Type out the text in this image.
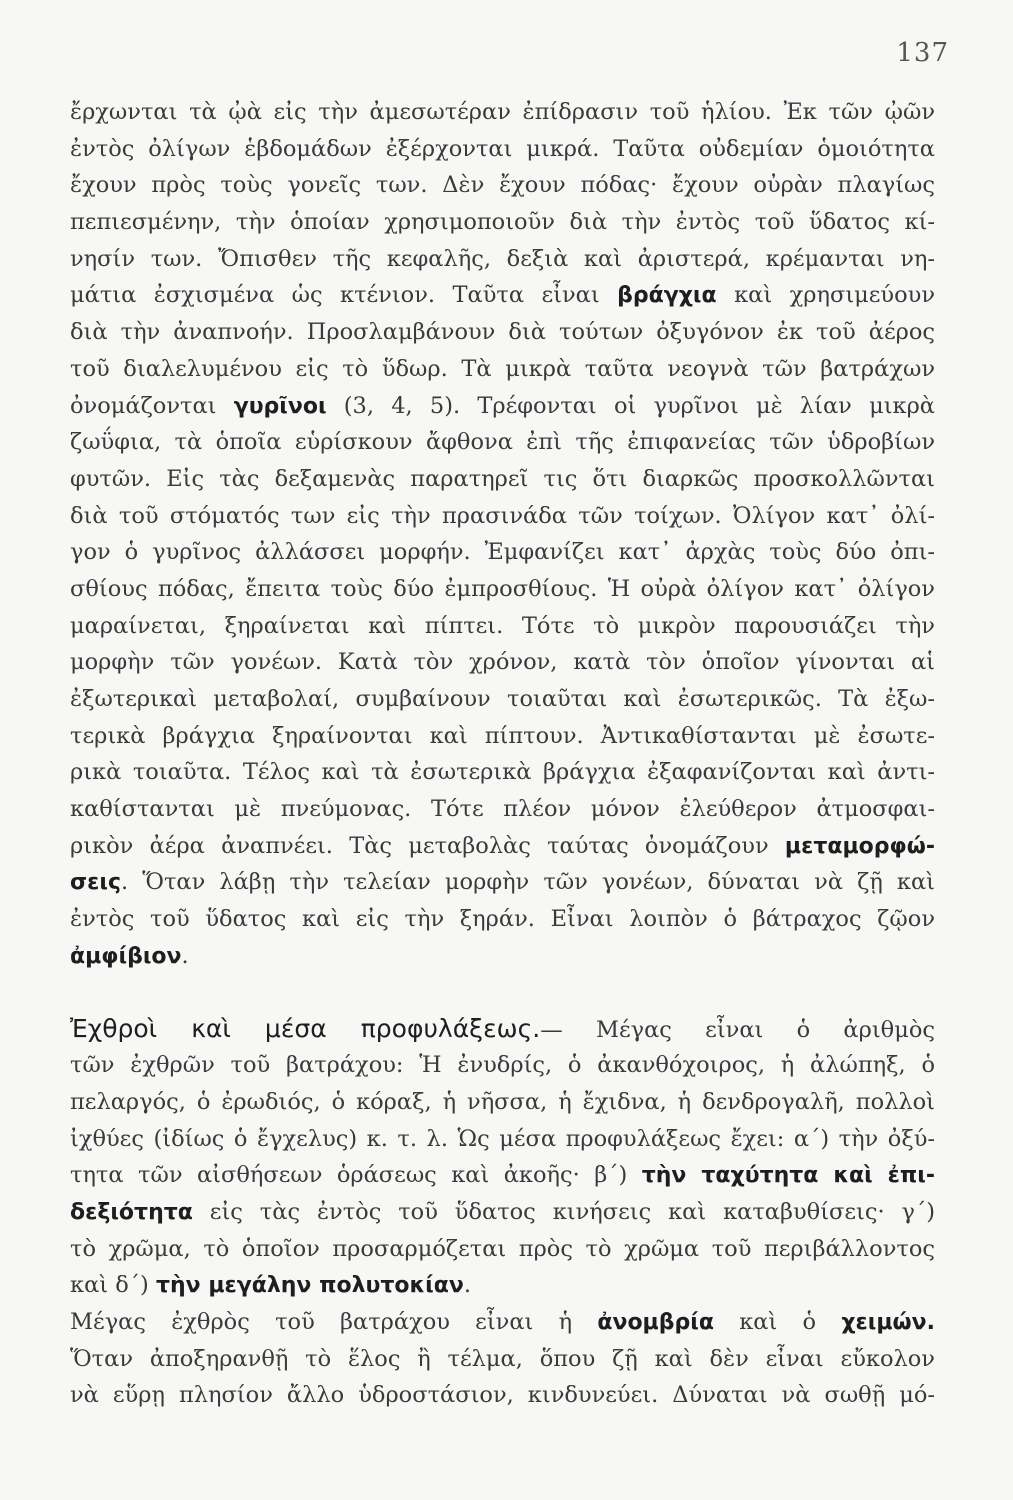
137
ἔρχωνται τὰ ᾠὰ εἰς τὴν ἀμεσωτέραν ἐπίδρασιν τοῦ ἡλίου. Ἐκ τῶν ᾠῶν
ἐντὸς ὀλίγων ἑβδομάδων ἐξέρχονται μικρά. Ταῦτα οὐδεμίαν ὁμοιότητα
ἔχουν πρὸς τοὺς γονεῖς των. Δὲν ἔχουν πόδας· ἔχουν οὐρὰν πλαγίως
πεπιεσμένην, τὴν ὁποίαν χρησιμοποιοῦν διὰ τὴν ἐντὸς τοῦ ὕδατος κί-
νησίν των. Ὄπισθεν τῆς κεφαλῆς, δεξιὰ καὶ ἀριστερά, κρέμανται νη-
μάτια ἐσχισμένα ὡς κτένιον. Ταῦτα εἶναι βράγχια καὶ χρησιμεύουν
διὰ τὴν ἀναπνοήν. Προσλαμβάνουν διὰ τούτων ὀξυγόνον ἐκ τοῦ ἀέρος
τοῦ διαλελυμένου εἰς τὸ ὕδωρ. Τὰ μικρὰ ταῦτα νεογνὰ τῶν βατράχων
ὀνομάζονται γυρῖνοι (3, 4, 5). Τρέφονται οἱ γυρῖνοι μὲ λίαν μικρὰ
ζωΰφια, τὰ ὁποῖα εὑρίσκουν ἄφθονα ἐπὶ τῆς ἐπιφανείας τῶν ὑδροβίων
φυτῶν. Εἰς τὰς δεξαμενὰς παρατηρεῖ τις ὅτι διαρκῶς προσκολλῶνται
διὰ τοῦ στόματός των εἰς τὴν πρασινάδα τῶν τοίχων. Ὀλίγον κατ᾿ ὀλί-
γον ὁ γυρῖνος ἀλλάσσει μορφήν. Ἐμφανίζει κατ᾿ ἀρχὰς τοὺς δύο ὀπι-
σθίους πόδας, ἔπειτα τοὺς δύο ἐμπροσθίους. Ἡ οὐρὰ ὀλίγον κατ᾿ ὀλίγον
μαραίνεται, ξηραίνεται καὶ πίπτει. Τότε τὸ μικρὸν παρουσιάζει τὴν
μορφὴν τῶν γονέων. Κατὰ τὸν χρόνον, κατὰ τὸν ὁποῖον γίνονται αἱ
ἐξωτερικαὶ μεταβολαί, συμβαίνουν τοιαῦται καὶ ἐσωτερικῶς. Τὰ ἐξω-
τερικὰ βράγχια ξηραίνονται καὶ πίπτουν. Ἀντικαθίστανται μὲ ἐσωτε-
ρικὰ τοιαῦτα. Τέλος καὶ τὰ ἐσωτερικὰ βράγχια ἐξαφανίζονται καὶ ἀντι-
καθίστανται μὲ πνεύμονας. Τότε πλέον μόνον ἐλεύθερον ἀτμοσφαι-
ρικὸν ἀέρα ἀναπνέει. Τὰς μεταβολὰς ταύτας ὀνομάζουν μεταμορφώ-
σεις. Ὅταν λάβῃ τὴν τελείαν μορφὴν τῶν γονέων, δύναται νὰ ζῇ καὶ
ἐντὸς τοῦ ὕδατος καὶ εἰς τὴν ξηράν. Εἶναι λοιπὸν ὁ βάτραχος ζῷον
ἀμφίβιον.
Ἐχθροὶ καὶ μέσα προφυλάξεως.— Μέγας εἶναι ὁ ἀριθμὸς
τῶν ἐχθρῶν τοῦ βατράχου: Ἡ ἐνυδρίς, ὁ ἀκανθόχοιρος, ἡ ἀλώπηξ, ὁ
πελαργός, ὁ ἐρωδιός, ὁ κόραξ, ἡ νῆσσα, ἡ ἔχιδνα, ἡ δενδρογαλῆ, πολλοὶ
ἰχθύες (ἰδίως ὁ ἔγχελυς) κ. τ. λ. Ὡς μέσα προφυλάξεως ἔχει: α΄) τὴν ὀξύ-
τητα τῶν αἰσθήσεων ὁράσεως καὶ ἀκοῆς· β΄) τὴν ταχύτητα καὶ ἐπι-
δεξιότητα εἰς τὰς ἐντὸς τοῦ ὕδατος κινήσεις καὶ καταβυθίσεις· γ΄)
τὸ χρῶμα, τὸ ὁποῖον προσαρμόζεται πρὸς τὸ χρῶμα τοῦ περιβάλλοντος
καὶ δ΄) τὴν μεγάλην πολυτοκίαν.
Μέγας ἐχθρὸς τοῦ βατράχου εἶναι ἡ ἀνομβρία καὶ ὁ χειμών.
Ὅταν ἀποξηρανθῇ τὸ ἕλος ἢ τέλμα, ὅπου ζῇ καὶ δὲν εἶναι εὔκολον
νὰ εὕρῃ πλησίον ἄλλο ὑδροστάσιον, κινδυνεύει. Δύναται νὰ σωθῇ μό-
